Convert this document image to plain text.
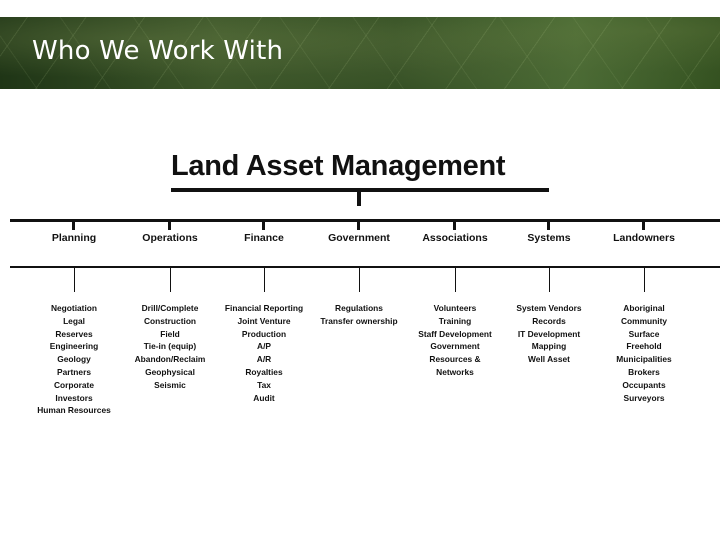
Who We Work With
Land Asset Management
Planning
Negotiation
Legal
Reserves
Engineering
Geology
Partners
Corporate
Investors
Human Resources
Operations
Drill/Complete
Construction
Field
Tie-in (equip)
Abandon/Reclaim
Geophysical
Seismic
Finance
Financial Reporting
Joint Venture
Production
A/P
A/R
Royalties
Tax
Audit
Government
Regulations
Transfer ownership
Associations
Volunteers
Training
Staff Development
Government
Resources &
Networks
Systems
System Vendors
Records
IT Development
Mapping
Well Asset
Landowners
Aboriginal
Community
Surface
Freehold
Municipalities
Brokers
Occupants
Surveyors
